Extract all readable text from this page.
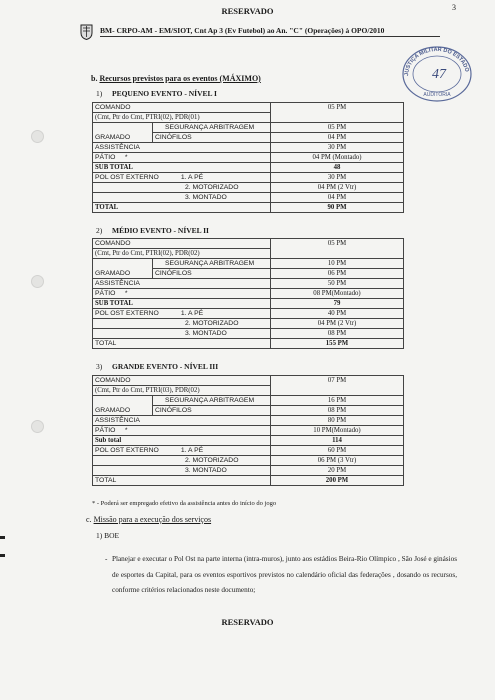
RESERVADO	3
BM- CRPO-AM - EM/SIOT, Cnt Ap 3 (Ev Futebol) ao An. "C" (Operações) à OPO/2010
JUSTIÇA MILITAR DO ESTADO
47
AUDITORIA
b. Recursos previstos para os eventos (MÁXIMO)
1) PEQUENO EVENTO - NÍVEL I
COMANDO		05 PM
(Cmt, Ptr do Cmt, PTRI(02), PDR(01)		
GRAMADO	SEGURANÇA ARBITRAGEM	05 PM
	CINÓFILOS	04 PM
ASSISTÊNCIA		30 PM
PÁTIO *		04 PM (Montado)
SUB TOTAL		48
POL OST EXTERNO 1. A PÉ		30 PM
2. MOTORIZADO		04 PM (2 Vtr)
3. MONTADO		04 PM
TOTAL		90 PM
2) MÉDIO EVENTO - NÍVEL II
COMANDO		05 PM
(Cmt, Ptr do Cmt, PTRI(02), PDR(02)		
GRAMADO	SEGURANÇA ARBITRAGEM	10 PM
	CINÓFILOS	06 PM
ASSISTÊNCIA		50 PM
PÁTIO *		08 PM(Montado)
SUB TOTAL		79
POL OST EXTERNO 1. A PÉ		40 PM
2. MOTORIZADO		04 PM (2 Vtr)
3. MONTADO		08 PM
TOTAL		155 PM
3) GRANDE EVENTO - NÍVEL III
COMANDO		07 PM
(Cmt, Ptr do Cmt, PTRI(03), PDR(02)		
GRAMADO	SEGURANÇA ARBITRAGEM	16 PM
	CINÓFILOS	08 PM
ASSISTÊNCIA		80 PM
PÁTIO *		10 PM(Montado)
Sub total		114
POL OST EXTERNO 1. A PÉ		60 PM
2. MOTORIZADO		06 PM (3 Vtr)
3. MONTADO		20 PM
TOTAL		200 PM
* - Poderá ser empregado efetivo da assistência antes do início do jogo
c. Missão para a execução dos serviços
1) BOE
- Planejar e executar o Pol Ost na parte interna (intra-muros), junto aos estádios Beira-Rio Olímpico , São José e ginásios de esportes da Capital, para os eventos esportivos previstos no calendário oficial das federações , dosando os recursos, conforme critérios relacionados neste documento;
RESERVADO
